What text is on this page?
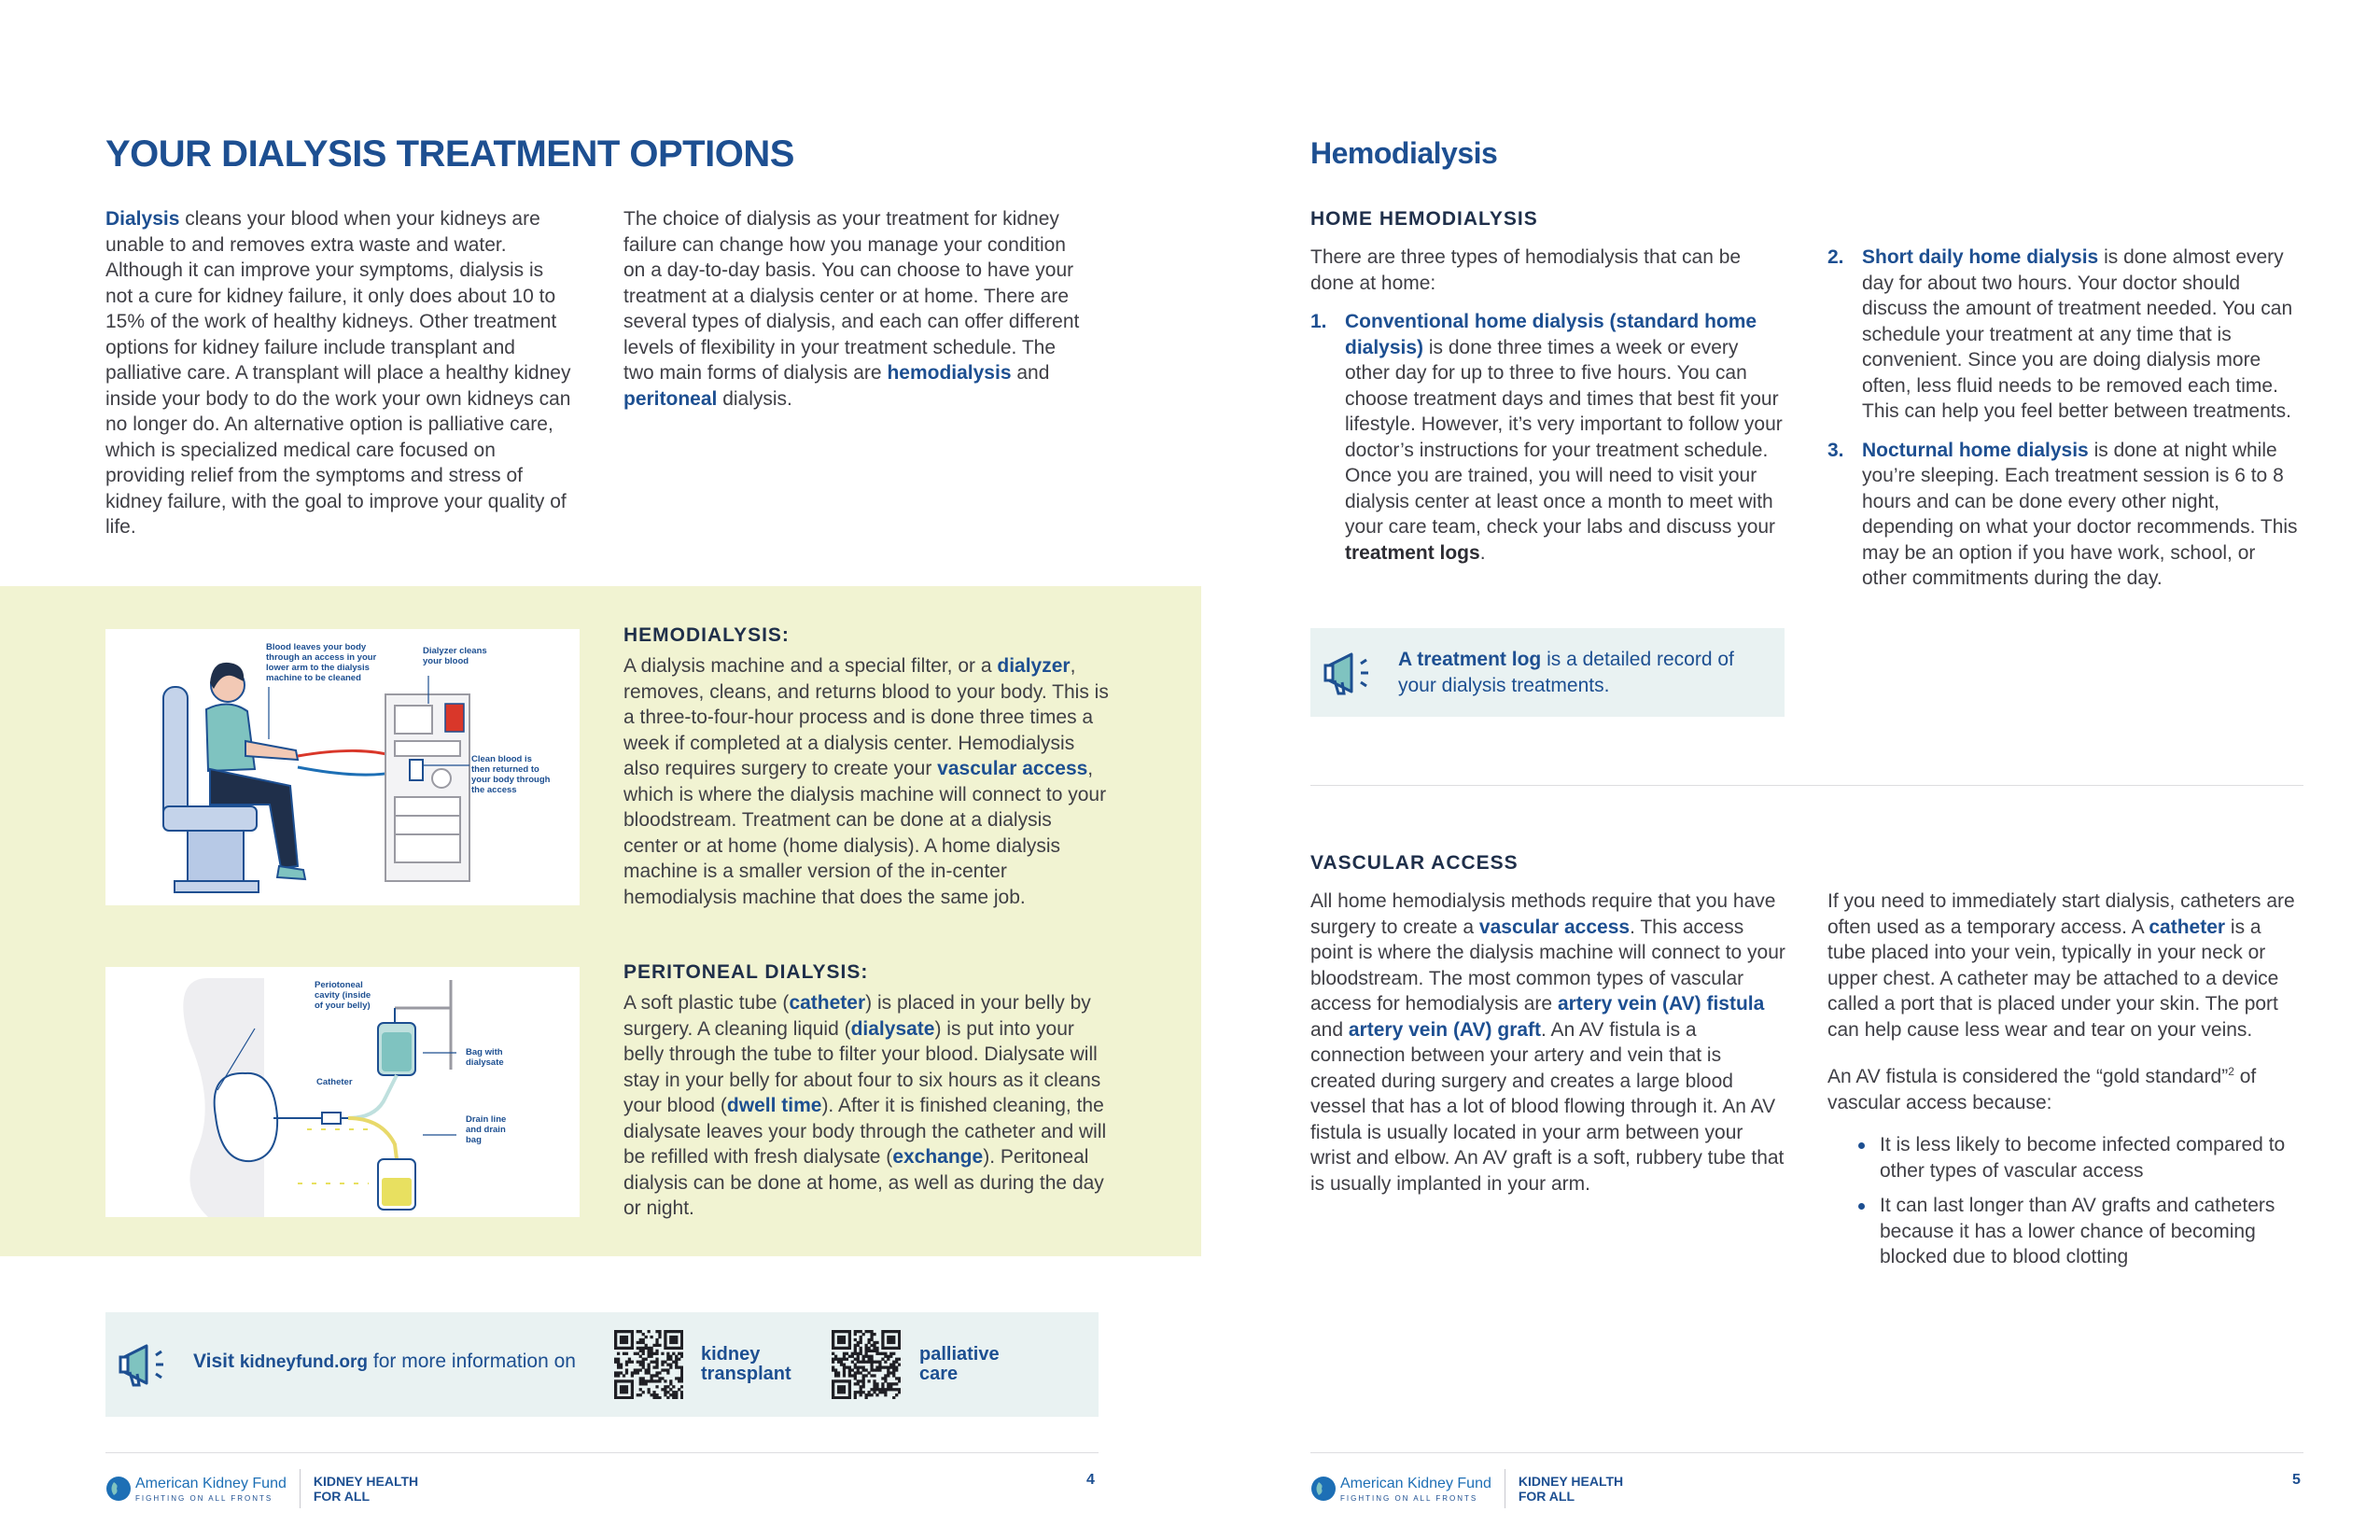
YOUR DIALYSIS TREATMENT OPTIONS
Dialysis cleans your blood when your kidneys are unable to and removes extra waste and water. Although it can improve your symptoms, dialysis is not a cure for kidney failure, it only does about 10 to 15% of the work of healthy kidneys. Other treatment options for kidney failure include transplant and palliative care. A transplant will place a healthy kidney inside your body to do the work your own kidneys can no longer do. An alternative option is palliative care, which is specialized medical care focused on providing relief from the symptoms and stress of kidney failure, with the goal to improve your quality of life.
The choice of dialysis as your treatment for kidney failure can change how you manage your condition on a day-to-day basis. You can choose to have your treatment at a dialysis center or at home. There are several types of dialysis, and each can offer different levels of flexibility in your treatment schedule. The two main forms of dialysis are hemodialysis and peritoneal dialysis.
Blood leaves your body
through an access in your
lower arm to the dialysis
machine to be cleaned
Dialyzer cleans
your blood
Clean blood is
then returned to
your body through
the access
HEMODIALYSIS:
A dialysis machine and a special filter, or a dialyzer, removes, cleans, and returns blood to your body. This is a three-to-four-hour process and is done three times a week if completed at a dialysis center. Hemodialysis also requires surgery to create your vascular access, which is where the dialysis machine will connect to your bloodstream. Treatment can be done at a dialysis center or at home (home dialysis). A home dialysis machine is a smaller version of the in-center hemodialysis machine that does the same job.
Periotoneal
cavity (inside
of your belly)
Catheter
Bag with
dialysate
Drain line
and drain
bag
PERITONEAL DIALYSIS:
A soft plastic tube (catheter) is placed in your belly by surgery. A cleaning liquid (dialysate) is put into your belly through the tube to filter your blood. Dialysate will stay in your belly for about four to six hours as it cleans your blood (dwell time). After it is finished cleaning, the dialysate leaves your body through the catheter and will be refilled with fresh dialysate (exchange). Peritoneal dialysis can be done at home, as well as during the day or night.
Visit kidneyfund.org for more information on	kidney
transplant
palliative
care
American Kidney Fund
FIGHTING ON ALL FRONTS
KIDNEY HEALTH
FOR ALL
4
Hemodialysis
HOME HEMODIALYSIS
There are three types of hemodialysis that can be done at home:
1. Conventional home dialysis (standard home dialysis) is done three times a week or every other day for up to three to five hours. You can choose treatment days and times that best fit your lifestyle. However, it’s very important to follow your doctor’s instructions for your treatment schedule. Once you are trained, you will need to visit your dialysis center at least once a month to meet with your care team, check your labs and discuss your treatment logs.
2. Short daily home dialysis is done almost every day for about two hours. Your doctor should discuss the amount of treatment needed. You can schedule your treatment at any time that is convenient. Since you are doing dialysis more often, less fluid needs to be removed each time. This can help you feel better between treatments.
3. Nocturnal home dialysis is done at night while you’re sleeping. Each treatment session is 6 to 8 hours and can be done every other night, depending on what your doctor recommends. This may be an option if you have work, school, or other commitments during the day.
A treatment log is a detailed record of your dialysis treatments.
VASCULAR ACCESS
All home hemodialysis methods require that you have surgery to create a vascular access. This access point is where the dialysis machine will connect to your bloodstream. The most common types of vascular access for hemodialysis are artery vein (AV) fistula and artery vein (AV) graft. An AV fistula is a connection between your artery and vein that is created during surgery and creates a large blood vessel that has a lot of blood flowing through it. An AV fistula is usually located in your arm between your wrist and elbow. An AV graft is a soft, rubbery tube that is usually implanted in your arm.
If you need to immediately start dialysis, catheters are often used as a temporary access. A catheter is a tube placed into your vein, typically in your neck or upper chest. A catheter may be attached to a device called a port that is placed under your skin. The port can help cause less wear and tear on your veins.
An AV fistula is considered the “gold standard”$^2$ of vascular access because:
It is less likely to become infected compared to other types of vascular access
It can last longer than AV grafts and catheters because it has a lower chance of becoming blocked due to blood clotting
American Kidney Fund
FIGHTING ON ALL FRONTS
KIDNEY HEALTH
FOR ALL
5
